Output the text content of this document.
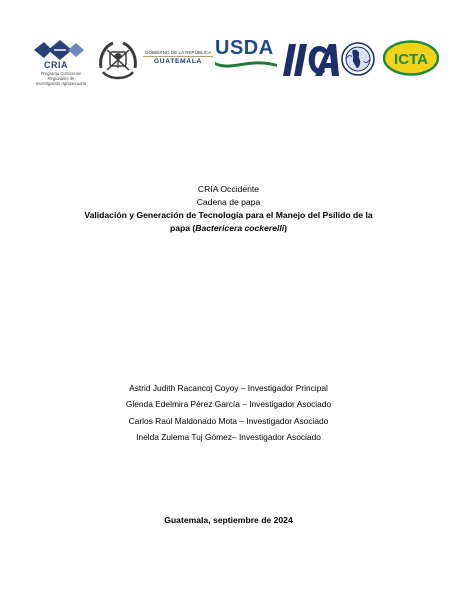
CRIA
Programa Consorcios
Regionales de
Investigación Agropecuaria
GOBIERNO DE LA REPÚBLICA
GUATEMALA
USDA
ICTA
CRIA Occidente
Cadena de papa
Validación y Generación de Tecnología para el Manejo del Psílido de la
papa (Bactericera cockerelli)
Astrid Judith Racancoj Coyoy – Investigador Principal
Glenda Edelmira Pérez García – Investigador Asociado
Carlos Raúl Maldonado Mota – Investigador Asociado
Inelda Zulema Tuj Gómez– Investigador Asociado
Guatemala, septiembre de 2024
